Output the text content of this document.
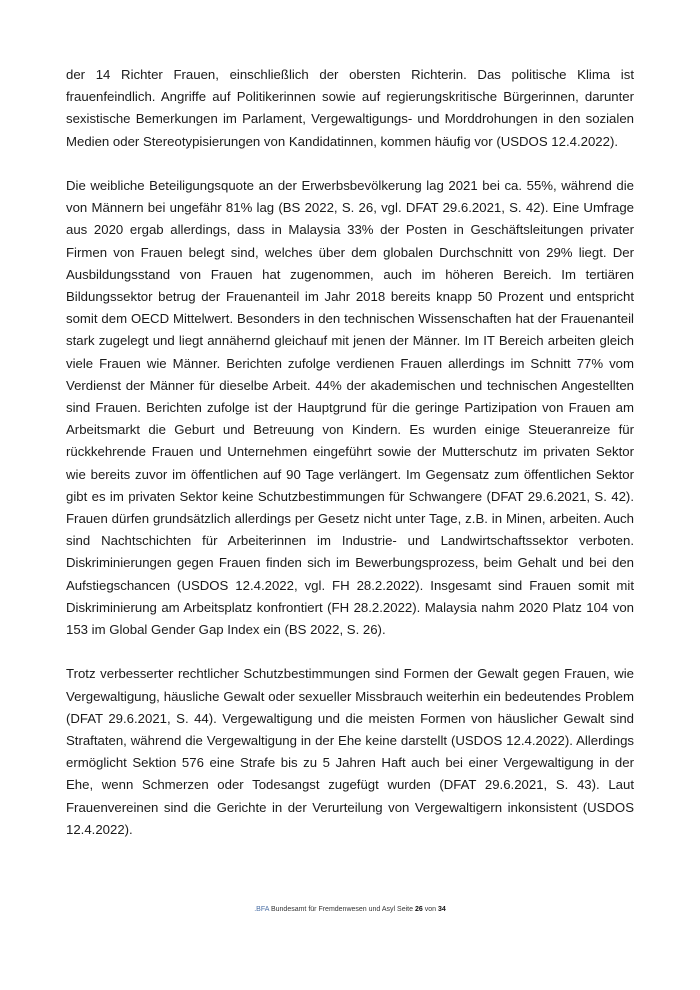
der 14 Richter Frauen, einschließlich der obersten Richterin. Das politische Klima ist frauenfeindlich. Angriffe auf Politikerinnen sowie auf regierungskritische Bürgerinnen, darunter sexistische Bemerkungen im Parlament, Vergewaltigungs- und Morddrohungen in den sozialen Medien oder Stereotypisierungen von Kandidatinnen, kommen häufig vor (USDOS 12.4.2022).

Die weibliche Beteiligungsquote an der Erwerbsbevölkerung lag 2021 bei ca. 55%, während die von Männern bei ungefähr 81% lag (BS 2022, S. 26, vgl. DFAT 29.6.2021, S. 42). Eine Umfrage aus 2020 ergab allerdings, dass in Malaysia 33% der Posten in Geschäftsleitungen privater Firmen von Frauen belegt sind, welches über dem globalen Durchschnitt von 29% liegt. Der Ausbildungsstand von Frauen hat zugenommen, auch im höheren Bereich. Im tertiären Bildungssektor betrug der Frauenanteil im Jahr 2018 bereits knapp 50 Prozent und entspricht somit dem OECD Mittelwert. Besonders in den technischen Wissenschaften hat der Frauenanteil stark zugelegt und liegt annähernd gleichauf mit jenen der Männer. Im IT Bereich arbeiten gleich viele Frauen wie Männer. Berichten zufolge verdienen Frauen allerdings im Schnitt 77% vom Verdienst der Männer für dieselbe Arbeit. 44% der akademischen und technischen Angestellten sind Frauen. Berichten zufolge ist der Hauptgrund für die geringe Partizipation von Frauen am Arbeitsmarkt die Geburt und Betreuung von Kindern. Es wurden einige Steueranreize für rückkehrende Frauen und Unternehmen eingeführt sowie der Mutterschutz im privaten Sektor wie bereits zuvor im öffentlichen auf 90 Tage verlängert. Im Gegensatz zum öffentlichen Sektor gibt es im privaten Sektor keine Schutzbestimmungen für Schwangere (DFAT 29.6.2021, S. 42). Frauen dürfen grundsätzlich allerdings per Gesetz nicht unter Tage, z.B. in Minen, arbeiten. Auch sind Nachtschichten für Arbeiterinnen im Industrie- und Landwirtschaftssektor verboten. Diskriminierungen gegen Frauen finden sich im Bewerbungsprozess, beim Gehalt und bei den Aufstiegschancen (USDOS 12.4.2022, vgl. FH 28.2.2022). Insgesamt sind Frauen somit mit Diskriminierung am Arbeitsplatz konfrontiert (FH 28.2.2022). Malaysia nahm 2020 Platz 104 von 153 im Global Gender Gap Index ein (BS 2022, S. 26).

Trotz verbesserter rechtlicher Schutzbestimmungen sind Formen der Gewalt gegen Frauen, wie Vergewaltigung, häusliche Gewalt oder sexueller Missbrauch weiterhin ein bedeutendes Problem (DFAT 29.6.2021, S. 44). Vergewaltigung und die meisten Formen von häuslicher Gewalt sind Straftaten, während die Vergewaltigung in der Ehe keine darstellt (USDOS 12.4.2022). Allerdings ermöglicht Sektion 576 eine Strafe bis zu 5 Jahren Haft auch bei einer Vergewaltigung in der Ehe, wenn Schmerzen oder Todesangst zugefügt wurden (DFAT 29.6.2021, S. 43). Laut Frauenvereinen sind die Gerichte in der Verurteilung von Vergewaltigern inkonsistent (USDOS 12.4.2022).

.BFA Bundesamt für Fremdenwesen und Asyl Seite 26 von 34
